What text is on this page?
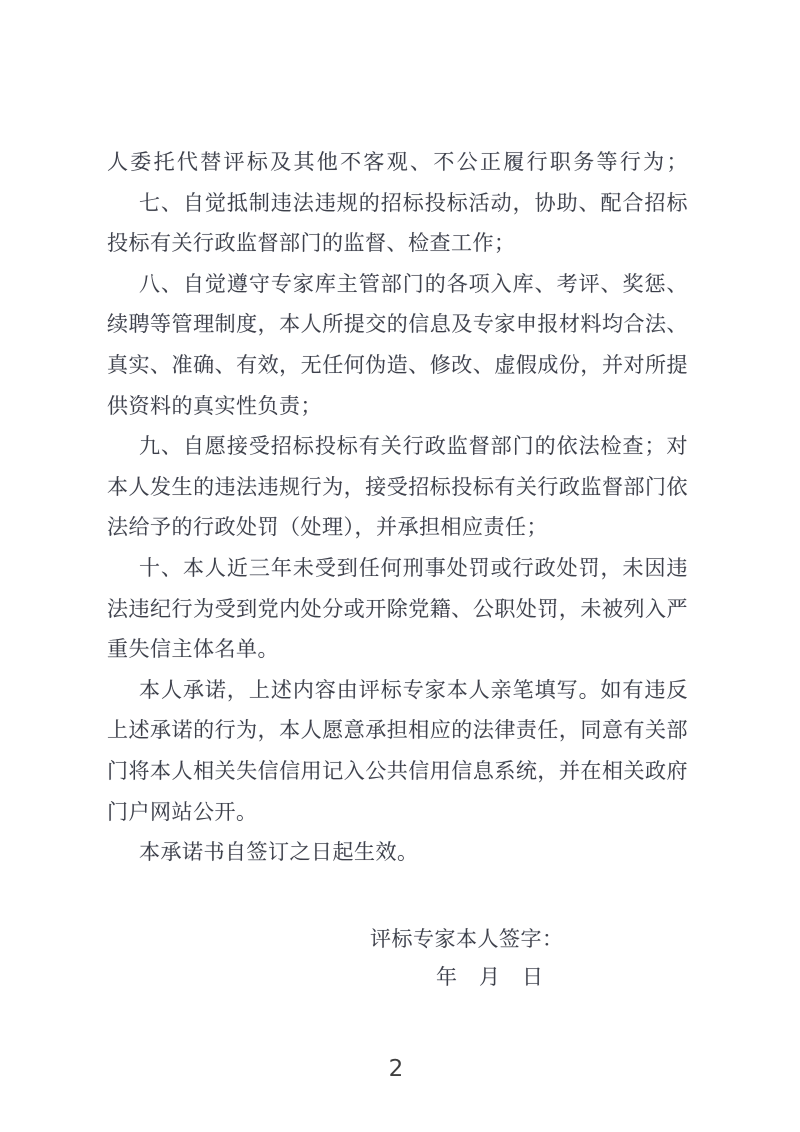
人委托代替评标及其他不客观、不公正履行职务等行为；
七、自觉抵制违法违规的招标投标活动，协助、配合招标
投标有关行政监督部门的监督、检查工作；
八、自觉遵守专家库主管部门的各项入库、考评、奖惩、
续聘等管理制度，本人所提交的信息及专家申报材料均合法、
真实、准确、有效，无任何伪造、修改、虚假成份，并对所提
供资料的真实性负责；
九、自愿接受招标投标有关行政监督部门的依法检查；对
本人发生的违法违规行为，接受招标投标有关行政监督部门依
法给予的行政处罚（处理），并承担相应责任；
十、本人近三年未受到任何刑事处罚或行政处罚，未因违
法违纪行为受到党内处分或开除党籍、公职处罚，未被列入严
重失信主体名单。
本人承诺，上述内容由评标专家本人亲笔填写。如有违反
上述承诺的行为，本人愿意承担相应的法律责任，同意有关部
门将本人相关失信信用记入公共信用信息系统，并在相关政府
门户网站公开。
本承诺书自签订之日起生效。
评标专家本人签字：
年　月　日
2
